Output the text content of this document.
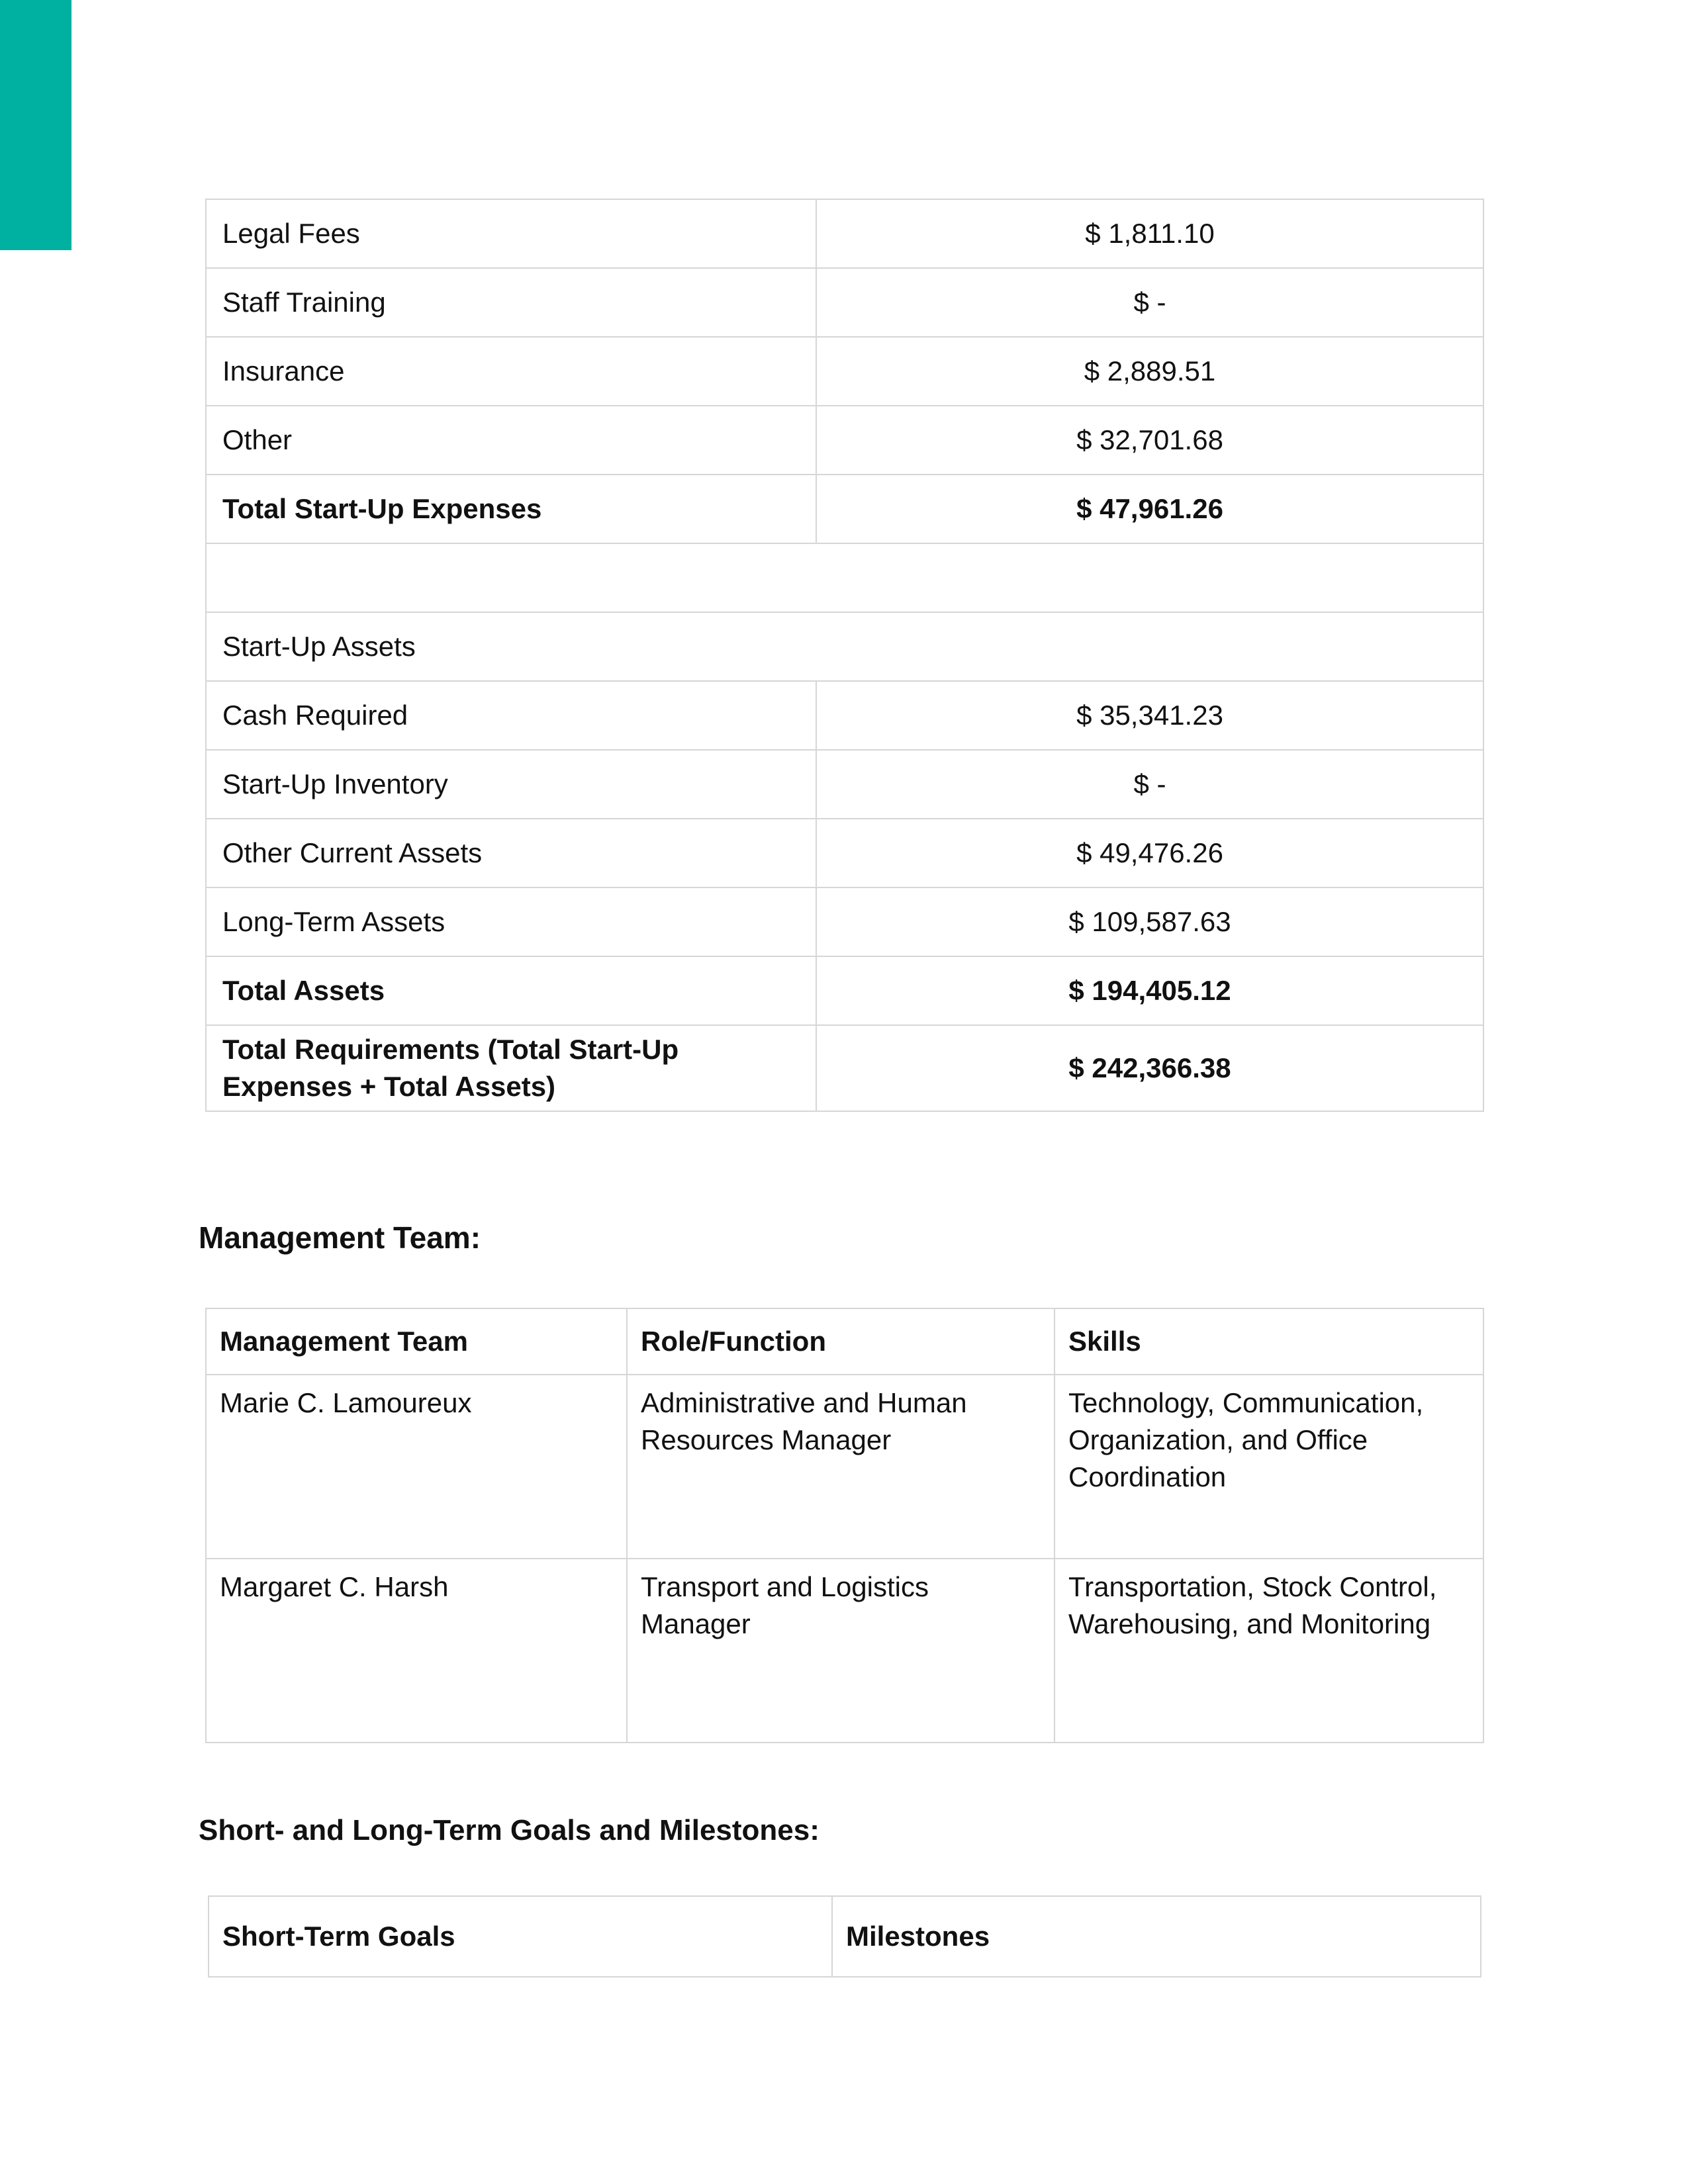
Legal Fees	$ 1,811.10
Staff Training	$ -
Insurance	$ 2,889.51
Other	$ 32,701.68
Total Start-Up Expenses	$ 47,961.26

Start-Up Assets	
Cash Required	$ 35,341.23
Start-Up Inventory	$ -
Other Current Assets	$ 49,476.26
Long-Term Assets	$ 109,587.63
Total Assets	$ 194,405.12
Total Requirements (Total Start-Up Expenses + Total Assets)	$ 242,366.38
Management Team:
Management Team	Role/Function	Skills
Marie C. Lamoureux	Administrative and Human Resources Manager	Technology, Communication, Organization, and Office Coordination
Margaret C. Harsh	Transport and Logistics Manager	Transportation, Stock Control, Warehousing, and Monitoring
Short- and Long-Term Goals and Milestones:
Short-Term Goals	Milestones
